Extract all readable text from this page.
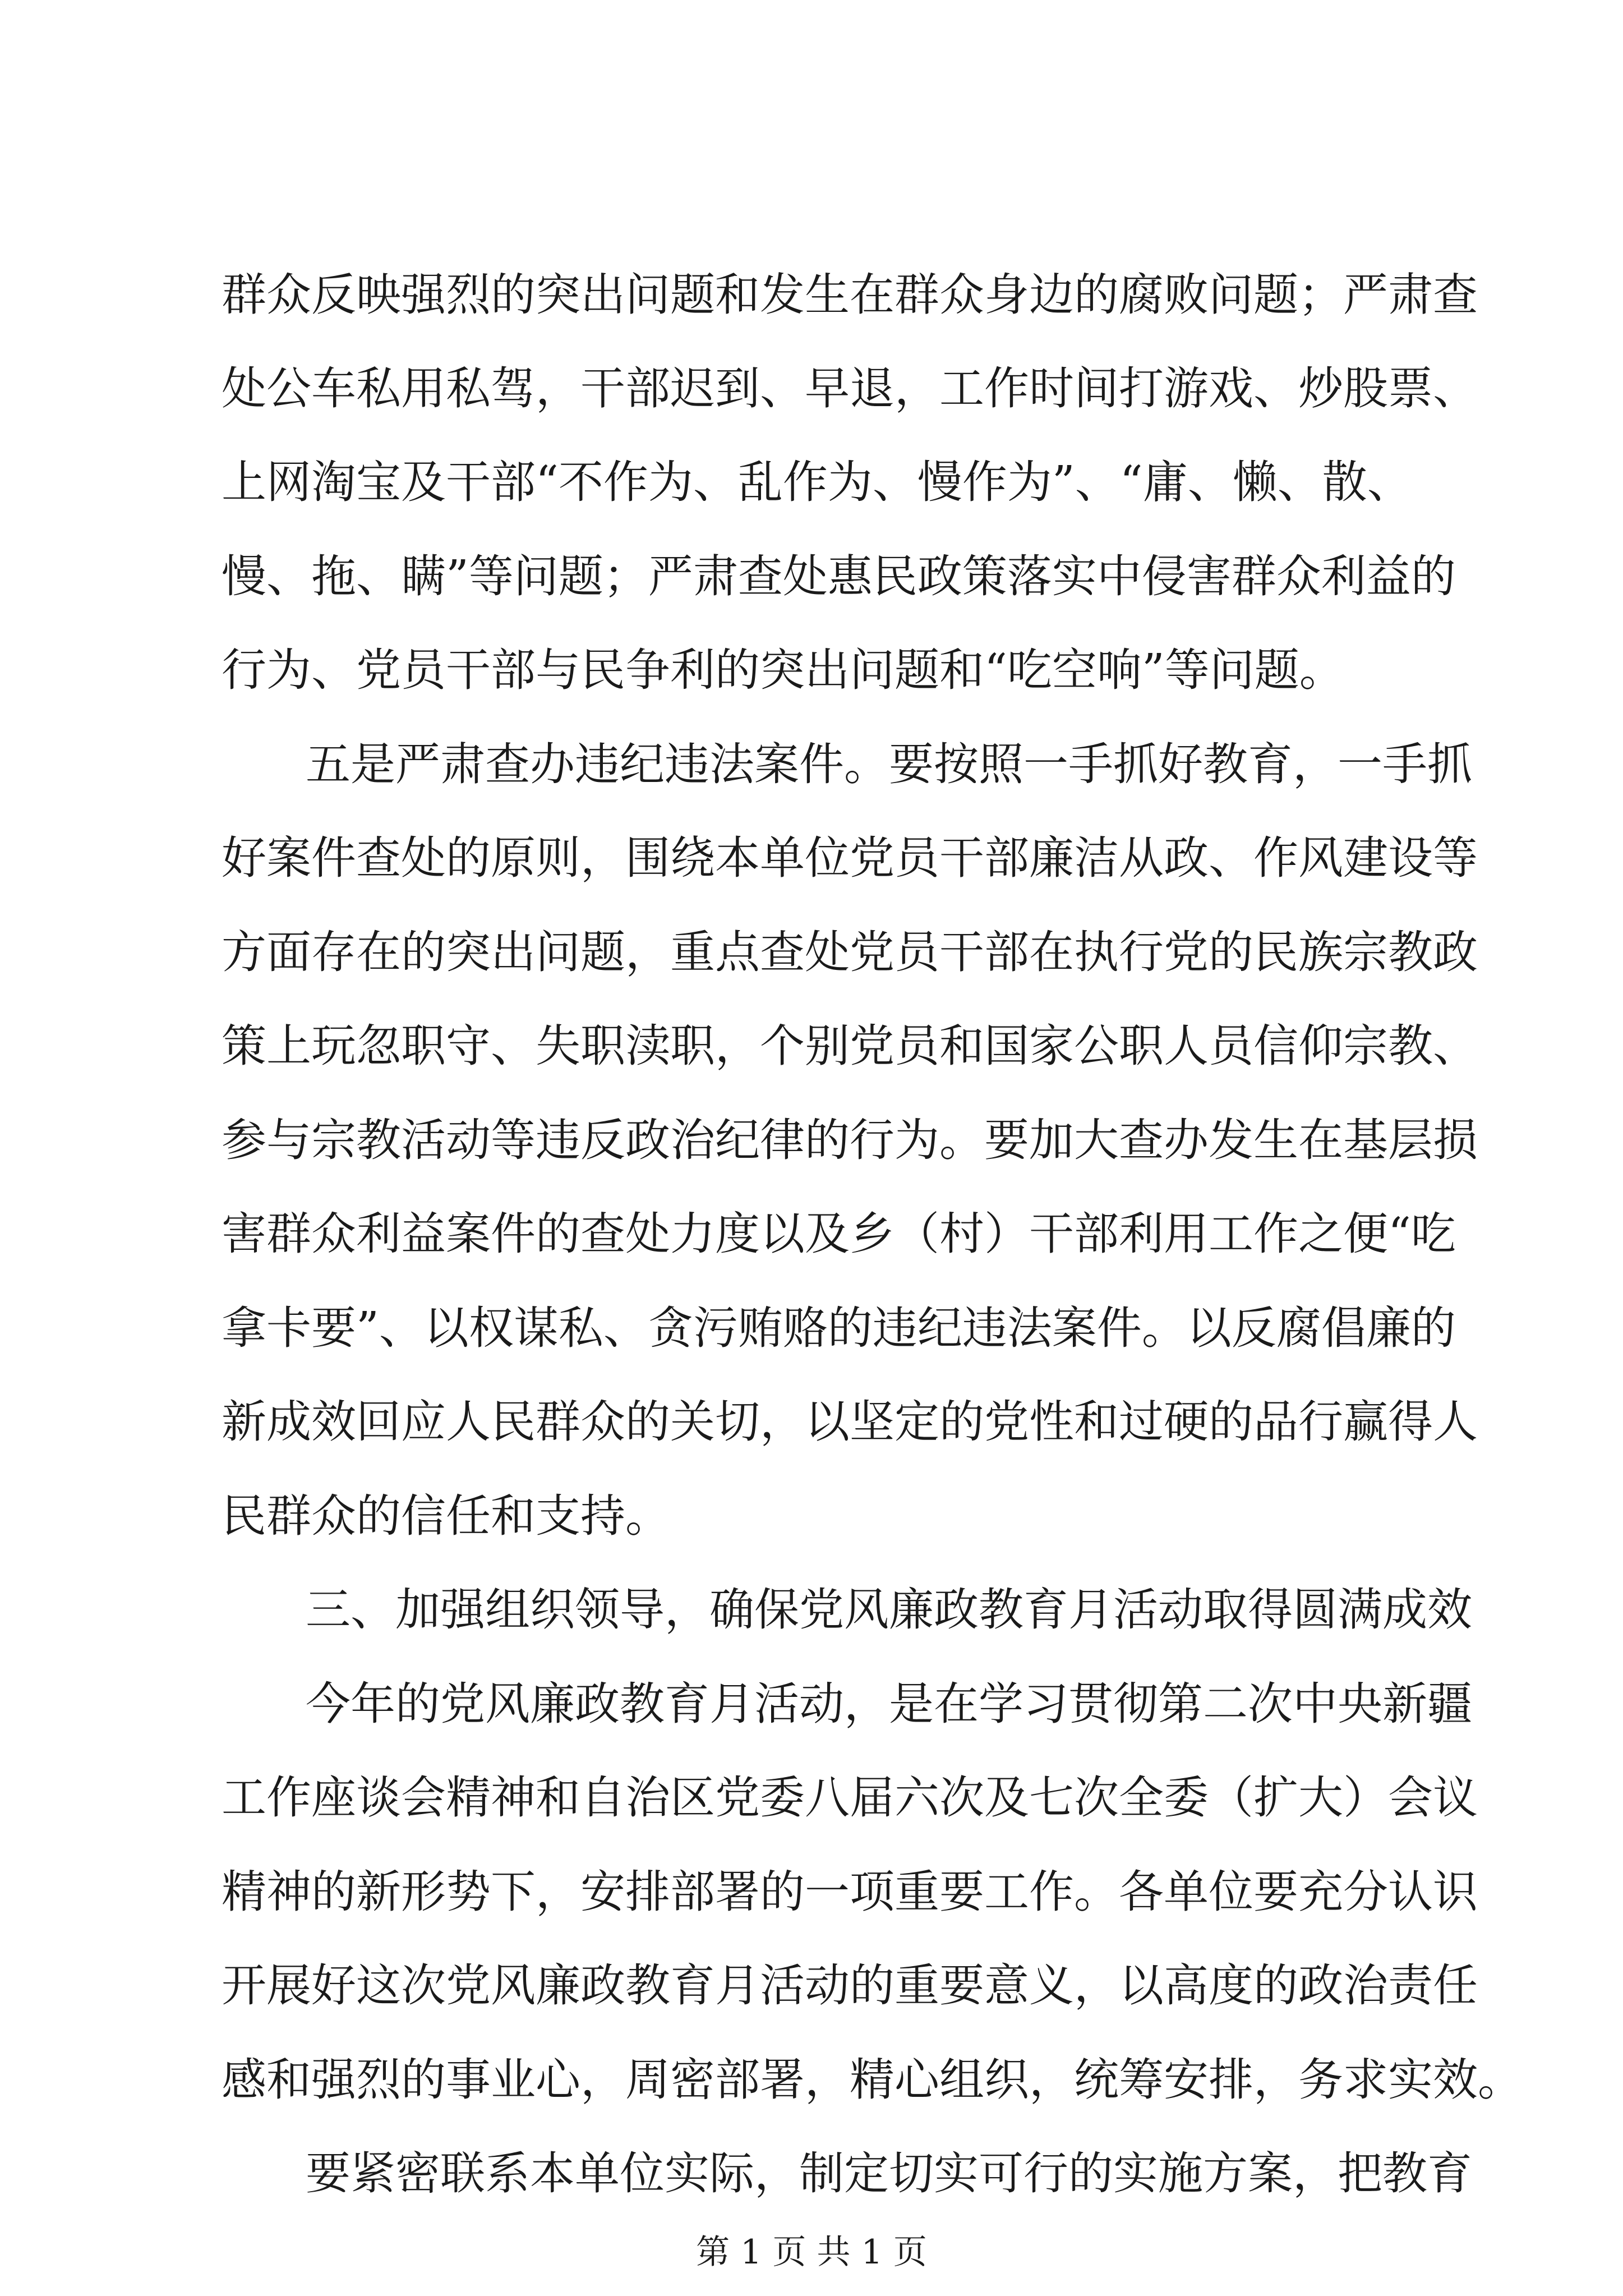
群众反映强烈的突出问题和发生在群众身边的腐败问题；严肃查
处公车私用私驾，干部迟到、早退，工作时间打游戏、炒股票、
上网淘宝及干部“不作为、乱作为、慢作为”、“庸、懒、散、
慢、拖、瞒”等问题；严肃查处惠民政策落实中侵害群众利益的
行为、党员干部与民争利的突出问题和“吃空响”等问题。
五是严肃查办违纪违法案件。要按照一手抓好教育，一手抓
好案件查处的原则，围绕本单位党员干部廉洁从政、作风建设等
方面存在的突出问题，重点查处党员干部在执行党的民族宗教政
策上玩忽职守、失职渎职，个别党员和国家公职人员信仰宗教、
参与宗教活动等违反政治纪律的行为。要加大查办发生在基层损
害群众利益案件的查处力度以及乡（村）干部利用工作之便“吃
拿卡要”、以权谋私、贪污贿赂的违纪违法案件。以反腐倡廉的
新成效回应人民群众的关切，以坚定的党性和过硬的品行赢得人
民群众的信任和支持。
三、加强组织领导，确保党风廉政教育月活动取得圆满成效
今年的党风廉政教育月活动，是在学习贯彻第二次中央新疆
工作座谈会精神和自治区党委八届六次及七次全委（扩大）会议
精神的新形势下，安排部署的一项重要工作。各单位要充分认识
开展好这次党风廉政教育月活动的重要意义，以高度的政治责任
感和强烈的事业心，周密部署，精心组织，统筹安排，务求实效。
要紧密联系本单位实际，制定切实可行的实施方案，把教育
第 1 页 共 1 页
